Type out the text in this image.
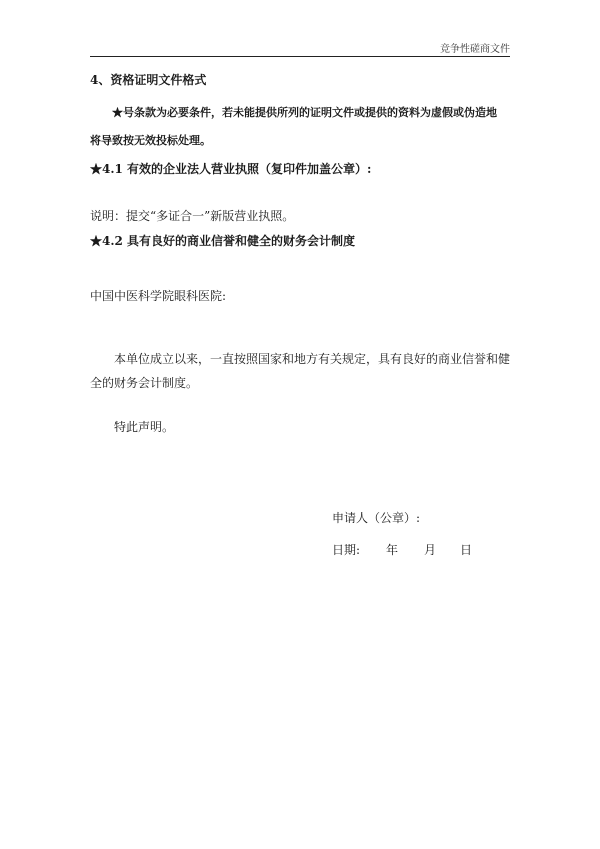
竞争性磋商文件
4、资格证明文件格式
★号条款为必要条件，若未能提供所列的证明文件或提供的资料为虚假或伪造地
将导致按无效投标处理。
★4.1 有效的企业法人营业执照（复印件加盖公章）:
说明：提交“多证合一”新版营业执照。
★4.2 具有良好的商业信誉和健全的财务会计制度
中国中医科学院眼科医院:
本单位成立以来，一直按照国家和地方有关规定，具有良好的商业信誉和健
全的财务会计制度。
特此声明。
申请人（公章）:
日期: 年 月 日
